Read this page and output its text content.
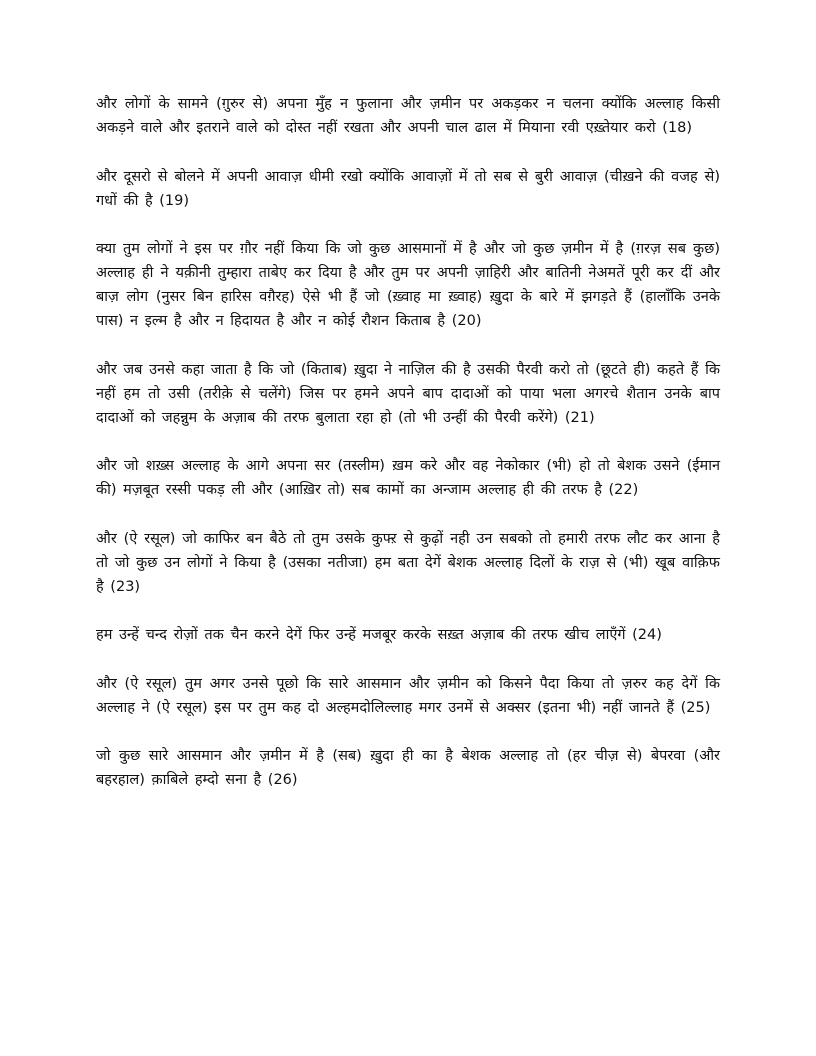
और लोगों के सामने (ग़ुरुर से) अपना मुँह न फुलाना और ज़मीन पर अकड़कर न चलना क्योंकि अल्लाह किसी अकड़ने वाले और इतराने वाले को दोस्त नहीं रखता और अपनी चाल ढाल में मियाना रवी एख़्तेयार करो (18)

और दूसरो से बोलने में अपनी आवाज़ धीमी रखो क्योंकि आवाज़ों में तो सब से बुरी आवाज़ (चीख़ने की वजह से) गधों की है (19)

क्या तुम लोगों ने इस पर ग़ौर नहीं किया कि जो कुछ आसमानों में है और जो कुछ ज़मीन में है (ग़रज़ सब कुछ) अल्लाह ही ने यक़ीनी तुम्हारा ताबेए कर दिया है और तुम पर अपनी ज़ाहिरी और बातिनी नेअमतें पूरी कर दीं और बाज़ लोग (नुसर बिन हारिस वग़ैरह) ऐसे भी हैं जो (ख़्वाह मा ख़्वाह) ख़ुदा के बारे में झगड़ते हैं (हालाँकि उनके पास) न इल्म है और न हिदायत है और न कोई रौशन किताब है (20)

और जब उनसे कहा जाता है कि जो (किताब) ख़ुदा ने नाज़िल की है उसकी पैरवी करो तो (छूटते ही) कहते हैं कि नहीं हम तो उसी (तरीके़ से चलेंगे) जिस पर हमने अपने बाप दादाओं को पाया भला अगरचे शैतान उनके बाप दादाओं को जहन्नुम के अज़ाब की तरफ बुलाता रहा हो (तो भी उन्हीं की पैरवी करेंगे) (21)

और जो शख़्स अल्लाह के आगे अपना सर (तस्लीम) ख़म करे और वह नेकोकार (भी) हो तो बेशक उसने (ईमान की) मज़बूत रस्सी पकड़ ली और (आख़िर तो) सब कामों का अन्जाम अल्लाह ही की तरफ है (22)

और (ऐ रसूल) जो काफिर बन बैठे तो तुम उसके कुफ्ऱ से कुढ़ों नही उन सबको तो हमारी तरफ लौट कर आना है तो जो कुछ उन लोगों ने किया है (उसका नतीजा) हम बता देगें बेशक अल्लाह दिलों के राज़ से (भी) खूब वाक़िफ है (23)

हम उन्हें चन्द रोज़ों तक चैन करने देगें फिर उन्हें मजबूर करके सख़्त अज़ाब की तरफ खीच लाएँगें (24)

और (ऐ रसूल) तुम अगर उनसे पूछो कि सारे आसमान और ज़मीन को किसने पैदा किया तो ज़रुर कह देगें कि अल्लाह ने (ऐ रसूल) इस पर तुम कह दो अल्हमदोलिल्लाह मगर उनमें से अक्सर (इतना भी) नहीं जानते हैं (25)

जो कुछ सारे आसमान और ज़मीन में है (सब) ख़ुदा ही का है बेशक अल्लाह तो (हर चीज़ से) बेपरवा (और बहरहाल) क़ाबिले हम्दो सना है (26)
